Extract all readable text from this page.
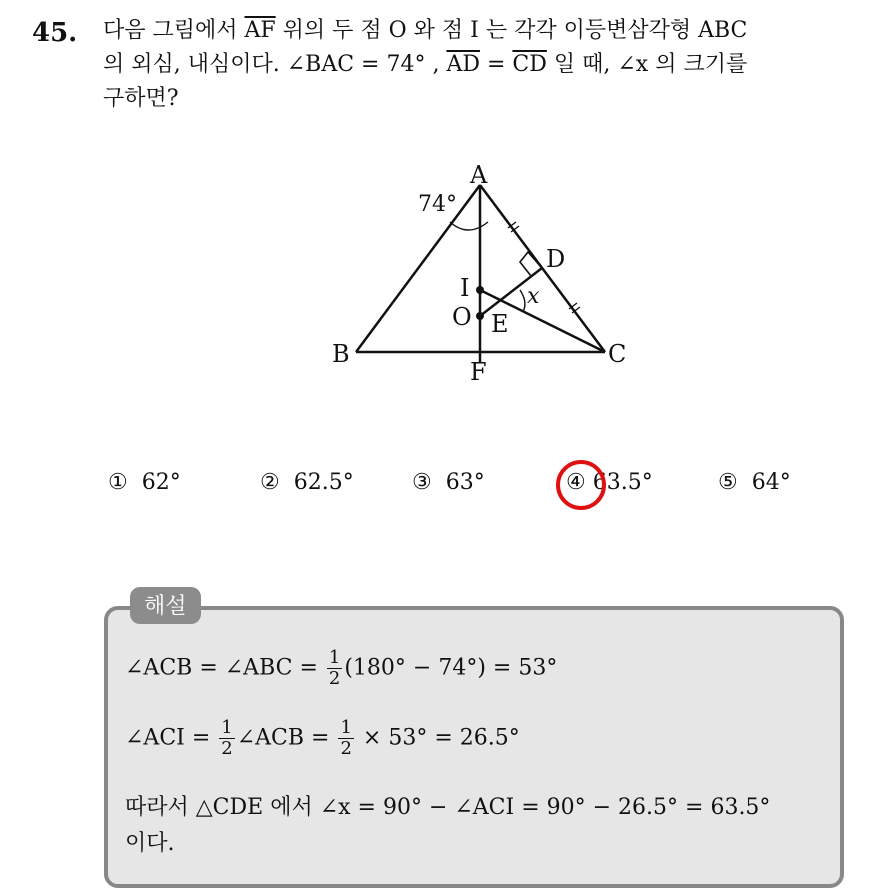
45. 다음 그림에서 $\overline{AF}$ 위의 두 점 O 와 점 I 는 각각 이등변삼각형 ABC
의 외심, 내심이다. ∠BAC = 74° , $\overline{AD} = \overline{CD}$ 일 때, ∠x 의 크기를
구하면?
A
B	C
D
E
F
I
O
x
74°
① 62°	② 62.5°	③ 63°	④ 63.5°	⑤ 64°
해설
∠ACB = ∠ABC = $\frac{1}{2} (180^\circ - 74^\circ) = 53^\circ$
∠ACI = $\frac{1}{2}$ ∠ACB = $\frac{1}{2} \times 53^\circ = 26.5^\circ$
따라서 △CDE 에서 ∠x = 90° − ∠ACI = 90° − 26.5° = 63.5°
이다.
